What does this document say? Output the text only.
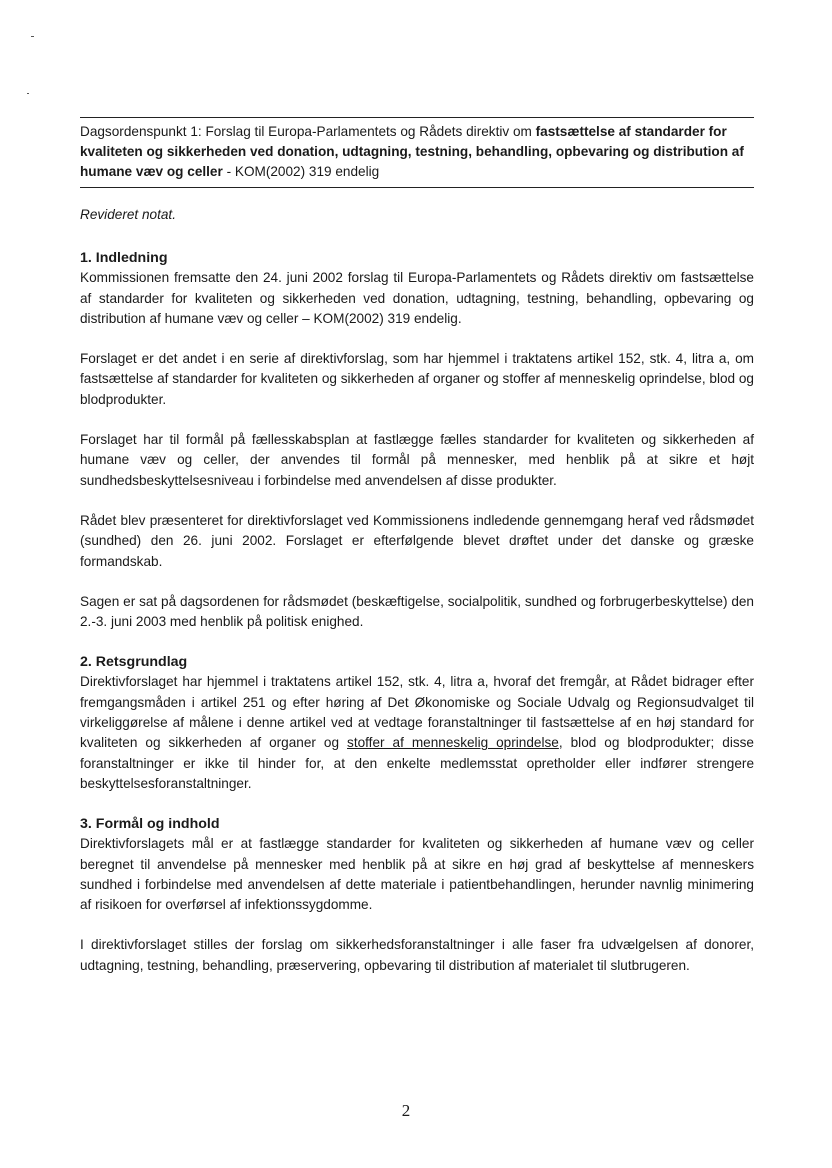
Dagsordenspunkt 1: Forslag til Europa-Parlamentets og Rådets direktiv om fastsættelse af standarder for kvaliteten og sikkerheden ved donation, udtagning, testning, behandling, opbevaring og distribution af humane væv og celler - KOM(2002) 319 endelig
Revideret notat.
1. Indledning

Kommissionen fremsatte den 24. juni 2002 forslag til Europa-Parlamentets og Rådets direktiv om fastsættelse af standarder for kvaliteten og sikkerheden ved donation, udtagning, testning, behandling, opbevaring og distribution af humane væv og celler – KOM(2002) 319 endelig.

Forslaget er det andet i en serie af direktivforslag, som har hjemmel i traktatens artikel 152, stk. 4, litra a, om fastsættelse af standarder for kvaliteten og sikkerheden af organer og stoffer af menneskelig oprindelse, blod og blodprodukter.

Forslaget har til formål på fællesskabsplan at fastlægge fælles standarder for kvaliteten og sikkerheden af humane væv og celler, der anvendes til formål på mennesker, med henblik på at sikre et højt sundhedsbeskyttelsesniveau i forbindelse med anvendelsen af disse produkter.

Rådet blev præsenteret for direktivforslaget ved Kommissionens indledende gennemgang heraf ved rådsmødet (sundhed) den 26. juni 2002. Forslaget er efterfølgende blevet drøftet under det danske og græske formandskab.

Sagen er sat på dagsordenen for rådsmødet (beskæftigelse, socialpolitik, sundhed og forbrugerbeskyttelse) den 2.-3. juni 2003 med henblik på politisk enighed.

2. Retsgrundlag

Direktivforslaget har hjemmel i traktatens artikel 152, stk. 4, litra a, hvoraf det fremgår, at Rådet bidrager efter fremgangsmåden i artikel 251 og efter høring af Det Økonomiske og Sociale Udvalg og Regionsudvalget til virkeliggørelse af målene i denne artikel ved at vedtage foranstaltninger til fastsættelse af en høj standard for kvaliteten og sikkerheden af organer og stoffer af menneskelig oprindelse, blod og blodprodukter; disse foranstaltninger er ikke til hinder for, at den enkelte medlemsstat opretholder eller indfører strengere beskyttelsesforanstaltninger.

3. Formål og indhold

Direktivforslagets mål er at fastlægge standarder for kvaliteten og sikkerheden af humane væv og celler beregnet til anvendelse på mennesker med henblik på at sikre en høj grad af beskyttelse af menneskers sundhed i forbindelse med anvendelsen af dette materiale i patientbehandlingen, herunder navnlig minimering af risikoen for overførsel af infektionssygdomme.

I direktivforslaget stilles der forslag om sikkerhedsforanstaltninger i alle faser fra udvælgelsen af donorer, udtagning, testning, behandling, præservering, opbevaring til distribution af materialet til slutbrugeren.

2
